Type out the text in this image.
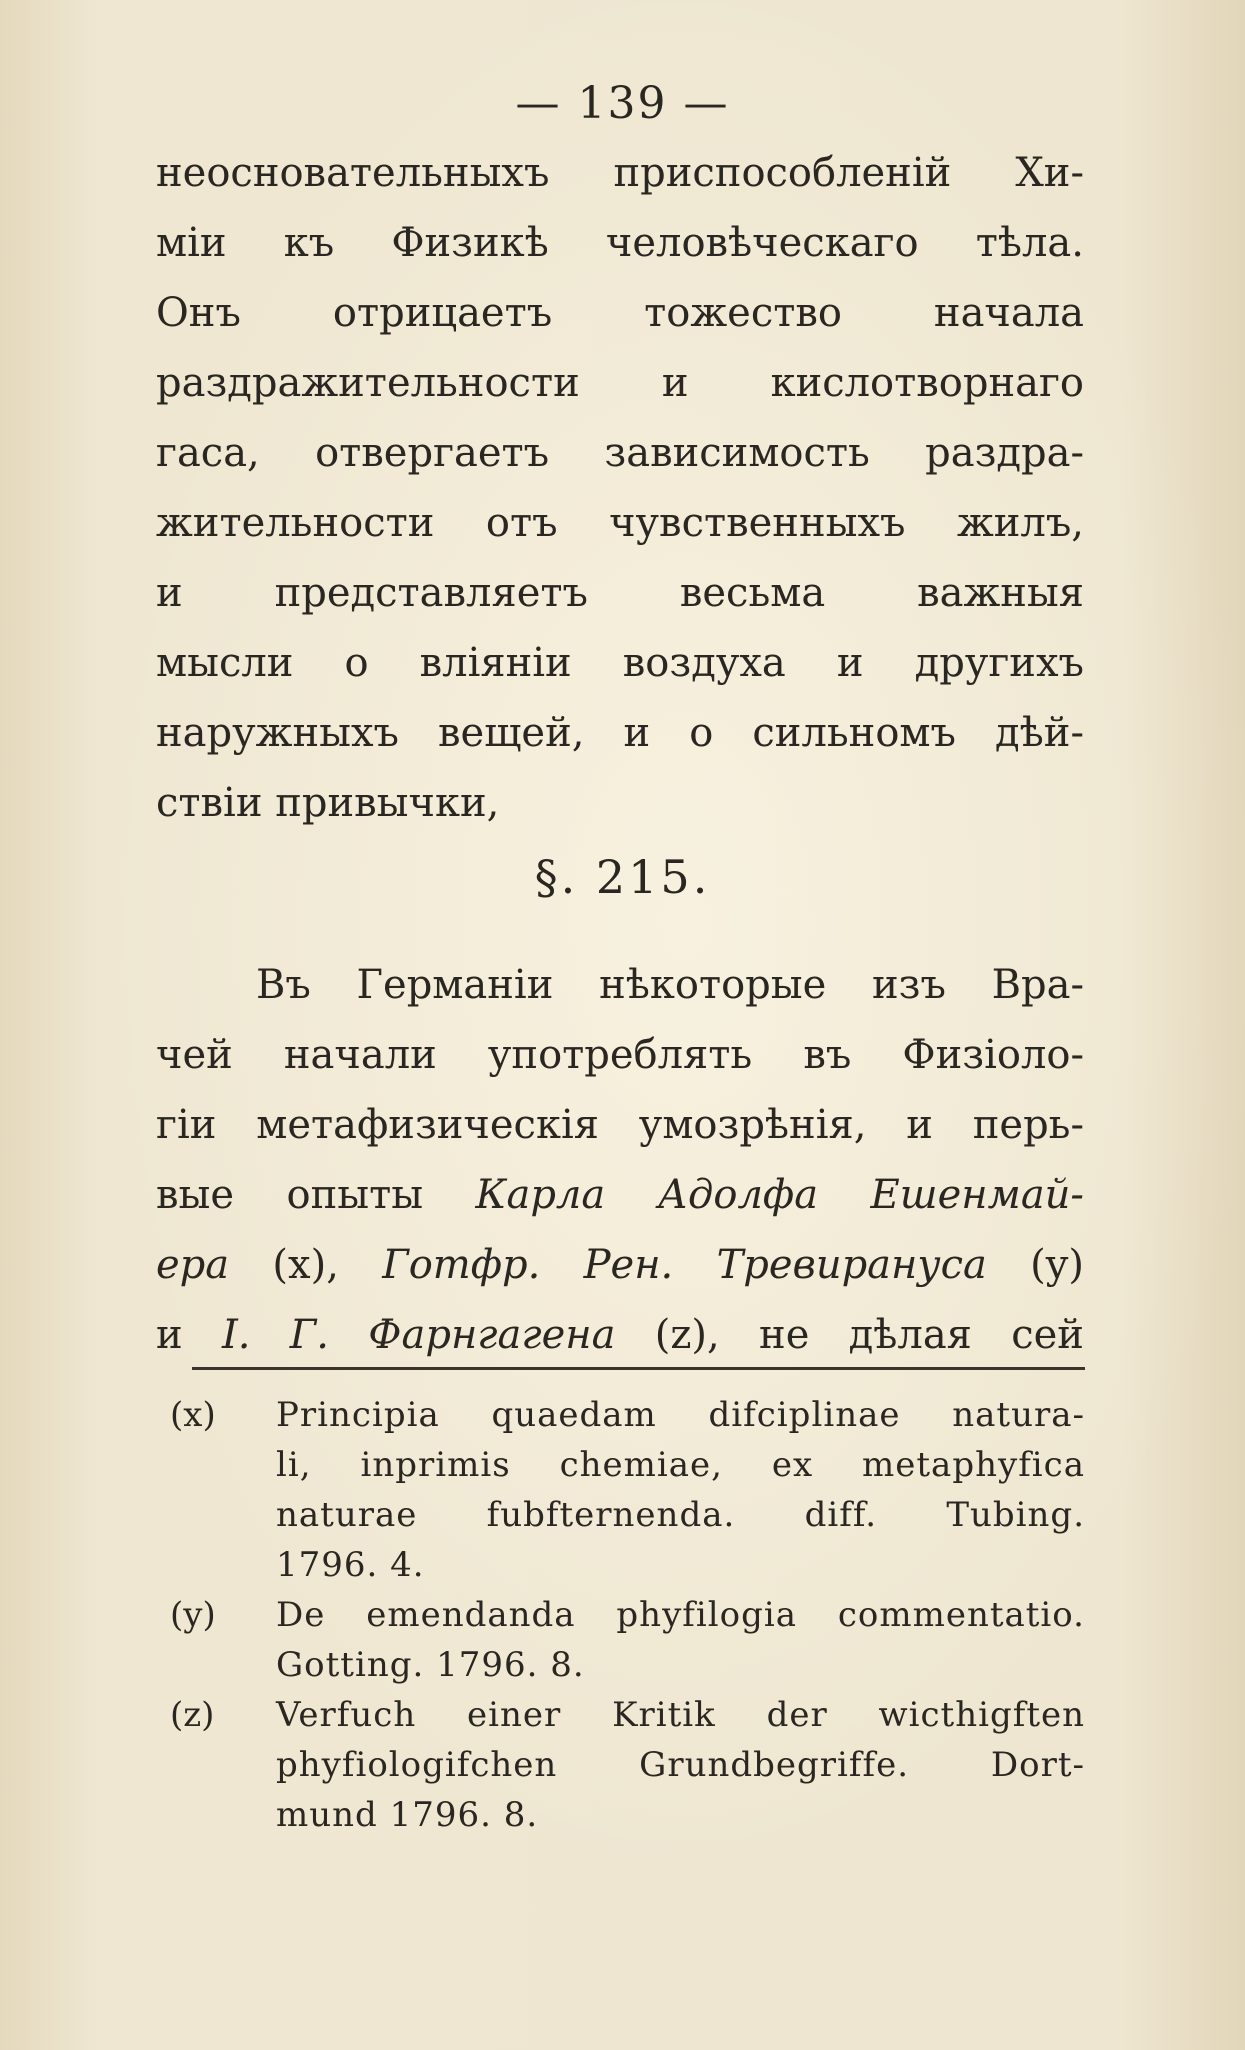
— 139 —
неосновательныхъ приспособленій Хи-
міи къ Физикѣ человѣческаго тѣла.
Онъ отрицаетъ тожество начала
раздражительности и кислотворнаго
гаса, отвергаетъ зависимость раздра-
жительности отъ чувственныхъ жилъ,
и представляетъ весьма важныя
мысли о вліяніи воздуха и другихъ
наружныхъ вещей, и о сильномъ дѣй-
ствіи привычки,
§. 215.
Въ Германіи нѣкоторые изъ Вра-
чей начали употреблять въ Физіоло-
гіи метафизическія умозрѣнія, и перь-
вые опыты Карла Адолфа Ешенмай-
ера (x), Готфр. Рен. Тревирануса (y)
и I. Г. Фарнгагена (z), не дѣлая сей
(x)	Principia quaedam difciplinae natura-
li, inprimis chemiae, ex metaphyfica
naturae fubfternenda. diff. Tubing.
1796. 4.
(y)	De emendanda phyfilogia commentatio.
Gotting. 1796. 8.
(z)	Verfuch einer Kritik der wicthigften
phyfiologifchen Grundbegriffe. Dort-
mund 1796. 8.
